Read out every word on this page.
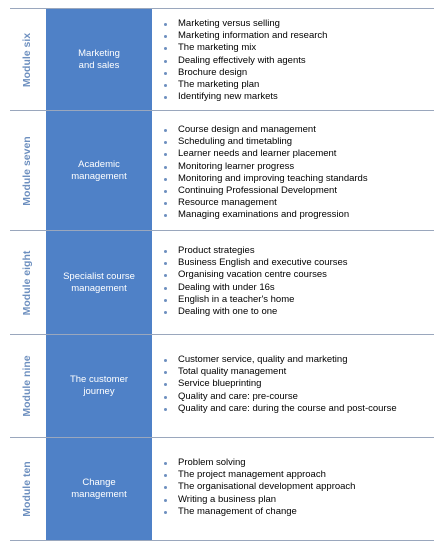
Module six	Marketing and sales
Marketing versus selling
Marketing information and research
The marketing mix
Dealing effectively with agents
Brochure design
The marketing plan
Identifying new markets
Module seven	Academic management
Course design and management
Scheduling and timetabling
Learner needs and learner placement
Monitoring learner progress
Monitoring and improving teaching standards
Continuing Professional Development
Resource management
Managing examinations and progression
Module eight	Specialist course management
Product strategies
Business English and executive courses
Organising vacation centre courses
Dealing with under 16s
English in a teacher's home
Dealing with one to one
Module nine	The customer journey
Customer service, quality and marketing
Total quality management
Service blueprinting
Quality and care: pre-course
Quality and care: during the course and post-course
Module ten	Change management
Problem solving
The project management approach
The organisational development approach
Writing a business plan
The management of change
